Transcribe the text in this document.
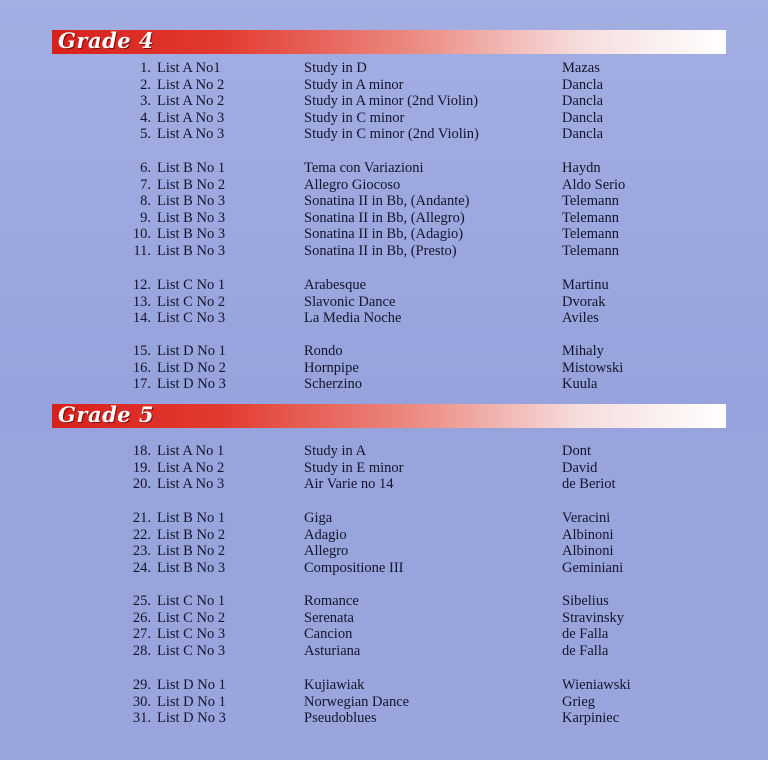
Grade 4
1. List A No1	Study in D	Mazas
2. List A No 2	Study in A minor	Dancla
3. List A No 2	Study in A minor (2nd Violin)	Dancla
4. List A No 3	Study in C minor	Dancla
5. List A No 3	Study in C minor (2nd Violin)	Dancla
6. List B No 1	Tema con Variazioni	Haydn
7. List B No 2	Allegro Giocoso	Aldo Serio
8. List B No 3	Sonatina II in Bb, (Andante)	Telemann
9. List B No 3	Sonatina II in Bb, (Allegro)	Telemann
10. List B No 3	Sonatina II in Bb, (Adagio)	Telemann
11. List B No 3	Sonatina II in Bb, (Presto)	Telemann
12. List C No 1	Arabesque	Martinu
13. List C No 2	Slavonic Dance	Dvorak
14. List C No 3	La Media Noche	Aviles
15. List D No 1	Rondo	Mihaly
16. List D No 2	Hornpipe	Mistowski
17. List D No 3	Scherzino	Kuula
Grade 5
18. List A No 1	Study in A	Dont
19. List A No 2	Study in E minor	David
20. List A No 3	Air Varie no 14	de Beriot
21. List B No 1	Giga	Veracini
22. List B No 2	Adagio	Albinoni
23. List B No 2	Allegro	Albinoni
24. List B No 3	Compositione III	Geminiani
25. List C No 1	Romance	Sibelius
26. List C No 2	Serenata	Stravinsky
27. List C No 3	Cancion	de Falla
28. List C No 3	Asturiana	de Falla
29. List D No 1	Kujiawiak	Wieniawski
30. List D No 1	Norwegian Dance	Grieg
31. List D No 3	Pseudoblues	Karpiniec
